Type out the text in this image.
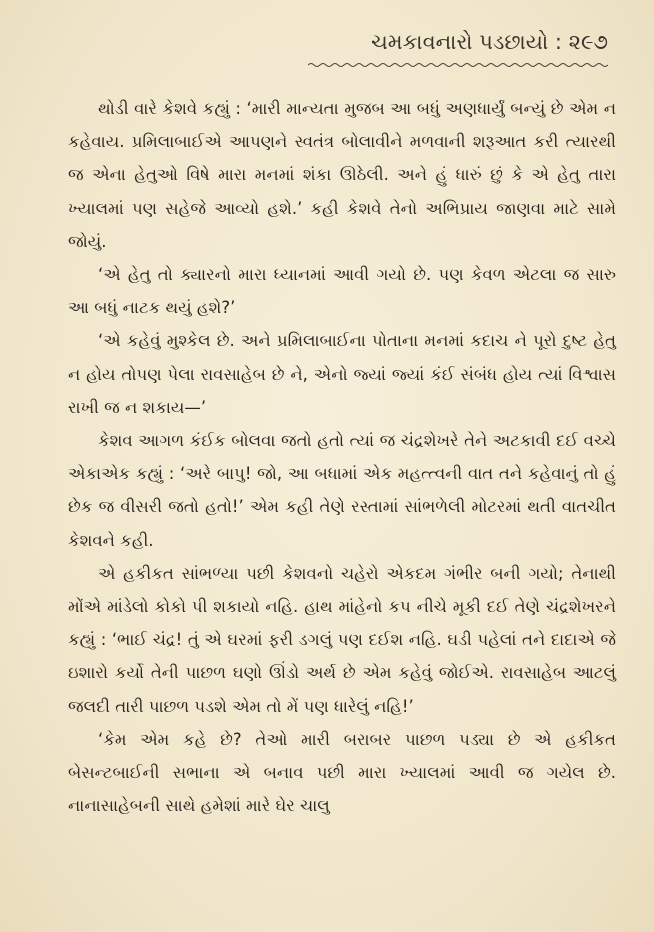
ચમકાવનારો પડછાયો : ૨૯૭

થોડી વારે કેશવે કહ્યું : ‘મારી માન્યતા મુજબ આ બધું અણધાર્યું બન્યું છે એમ ન કહેવાય. પ્રમિલાબાઈએ આપણને સ્વતંત્ર બોલાવીને મળવાની શરૂઆત કરી ત્યારથી જ એના હેતુઓ વિષે મારા મનમાં શંકા ઊઠેલી. અને હું ધારું છું કે એ હેતુ તારા ખ્યાલમાં પણ સહેજે આવ્યો હશે.’ કહી કેશવે તેનો અભિપ્રાય જાણવા માટે સામે જોયું.

‘એ હેતુ તો ક્યારનો મારા ધ્યાનમાં આવી ગયો છે. પણ કેવળ એટલા જ સારુ આ બધું નાટક થયું હશે?’

‘એ કહેવું મુશ્કેલ છે. અને પ્રમિલાબાઈના પોતાના મનમાં કદાચ ને પૂરો દુષ્ટ હેતુ ન હોય તોપણ પેલા રાવસાહેબ છે ને, એનો જ્યાં જ્યાં કંઈ સંબંધ હોય ત્યાં વિશ્વાસ રાખી જ ન શકાય—’

કેશવ આગળ કંઈક બોલવા જતો હતો ત્યાં જ ચંદ્રશેખરે તેને અટકાવી દઈ વચ્ચે એકાએક કહ્યું : ‘અરે બાપુ! જો, આ બધામાં એક મહત્ત્વની વાત તને કહેવાનું તો હું છેક જ વીસરી જતો હતો!’ એમ કહી તેણે રસ્તામાં સાંભળેલી મોટરમાં થતી વાતચીત કેશવને કહી.

એ હકીકત સાંભળ્યા પછી કેશવનો ચહેરો એકદમ ગંભીર બની ગયો; તેનાથી મોંએ માંડેલો કોકો પી શકાયો નહિ. હાથ માંહેનો કપ નીચે મૂકી દઈ તેણે ચંદ્રશેખરને કહ્યું : ‘ભાઈ ચંદ્ર! તું એ ઘરમાં ફરી ડગલું પણ દઈશ નહિ. ઘડી પહેલાં તને દાદાએ જે ઇશારો કર્યો તેની પાછળ ઘણો ઊંડો અર્થ છે એમ કહેવું જોઈએ. રાવસાહેબ આટલું જલદી તારી પાછળ પડશે એમ તો મેં પણ ધારેલું નહિ!’

‘કેમ એમ કહે છે? તેઓ મારી બરાબર પાછળ પડ્યા છે એ હકીકત બેસન્ટબાઈની સભાના એ બનાવ પછી મારા ખ્યાલમાં આવી જ ગયેલ છે. નાનાસાહેબની સાથે હમેશાં મારે ઘેર ચાલુ
